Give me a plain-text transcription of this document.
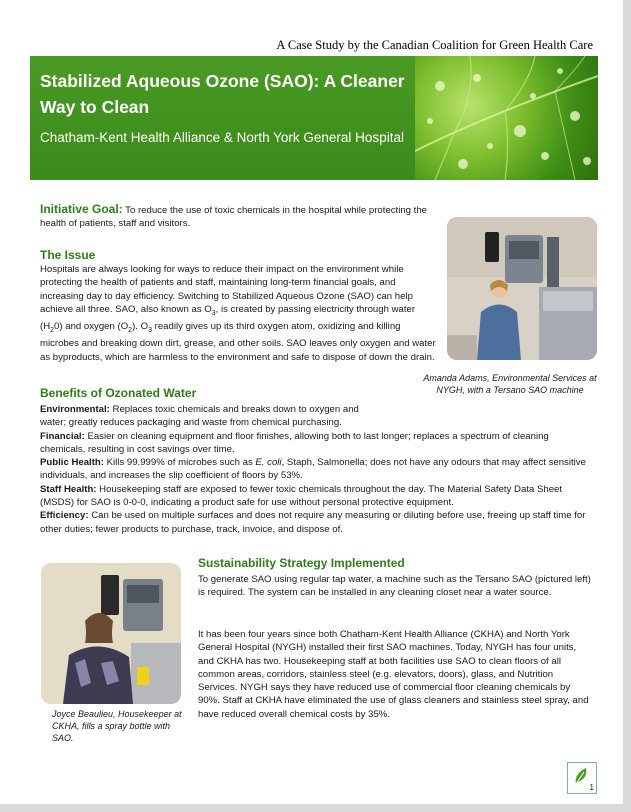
A Case Study by the Canadian Coalition for Green Health Care
Stabilized Aqueous Ozone (SAO): A Cleaner Way to Clean
Chatham-Kent Health Alliance & North York General Hospital
Initiative Goal: To reduce the use of toxic chemicals in the hospital while protecting the health of patients, staff and visitors.
The Issue
Hospitals are always looking for ways to reduce their impact on the environment while protecting the health of patients and staff, maintaining long-term financial goals, and increasing day to day efficiency. Switching to Stabilized Aqueous Ozone (SAO) can help achieve all three. SAO, also known as $O_3$, is created by passing electricity through water $(H_20)$ and oxygen $(O_2)$. $O_3$ readily gives up its third oxygen atom, oxidizing and killing microbes and breaking down dirt, grease, and other soils. SAO leaves only oxygen and water as byproducts, which are harmless to the environment and safe to dispose of down the drain.
Amanda Adams, Environmental Services at NYGH, with a Tersano SAO machine
Benefits of Ozonated Water

Environmental: Replaces toxic chemicals and breaks down to oxygen and water; greatly reduces packaging and waste from chemical purchasing.

Financial: Easier on cleaning equipment and floor finishes, allowing both to last longer; replaces a spectrum of cleaning chemicals, resulting in cost savings over time.

Public Health: Kills 99.999% of microbes such as E. coli, Staph, Salmonella; does not have any odours that may affect sensitive individuals, and increases the slip coefficient of floors by 53%.

Staff Health: Housekeeping staff are exposed to fewer toxic chemicals throughout the day. The Material Safety Data Sheet (MSDS) for SAO is 0-0-0, indicating a product safe for use without personal protective equipment.

Efficiency: Can be used on multiple surfaces and does not require any measuring or diluting before use, freeing up staff time for other duties; fewer products to purchase, track, invoice, and dispose of.

Joyce Beaulieu, Housekeeper at CKHA, fills a spray bottle with SAO.
Sustainability Strategy Implemented

To generate SAO using regular tap water, a machine such as the Tersano SAO (pictured left) is required. The system can be installed in any cleaning closet near a water source.

It has been four years since both Chatham-Kent Health Alliance (CKHA) and North York General Hospital (NYGH) installed their first SAO machines. Today, NYGH has four units, and CKHA has two. Housekeeping staff at both facilities use SAO to clean floors of all common areas, corridors, stainless steel (e.g. elevators, doors), glass, and Nutrition Services. NYGH says they have reduced use of commercial floor cleaning chemicals by 90%. Staff at CKHA have eliminated the use of glass cleaners and stainless steel spray, and have reduced overall chemical costs by 35%.

1
